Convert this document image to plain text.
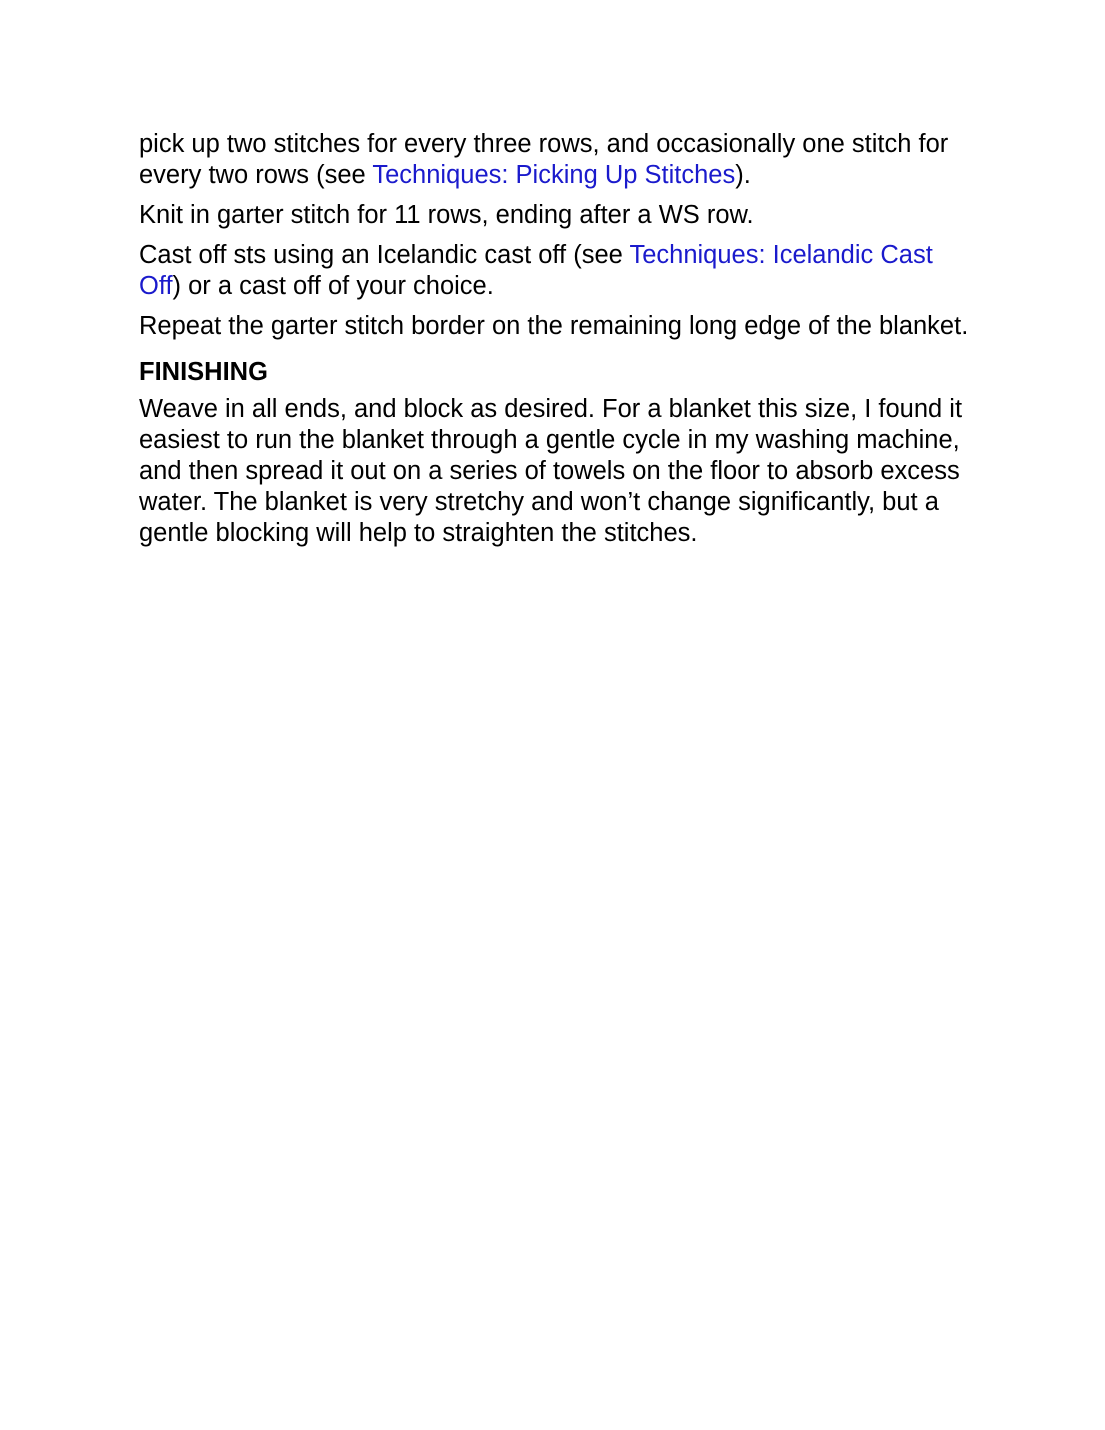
pick up two stitches for every three rows, and occasionally one stitch for every two rows (see Techniques: Picking Up Stitches).

Knit in garter stitch for 11 rows, ending after a WS row.

Cast off sts using an Icelandic cast off (see Techniques: Icelandic Cast Off) or a cast off of your choice.

Repeat the garter stitch border on the remaining long edge of the blanket.

FINISHING

Weave in all ends, and block as desired. For a blanket this size, I found it easiest to run the blanket through a gentle cycle in my washing machine, and then spread it out on a series of towels on the floor to absorb excess water. The blanket is very stretchy and won’t change significantly, but a gentle blocking will help to straighten the stitches.
